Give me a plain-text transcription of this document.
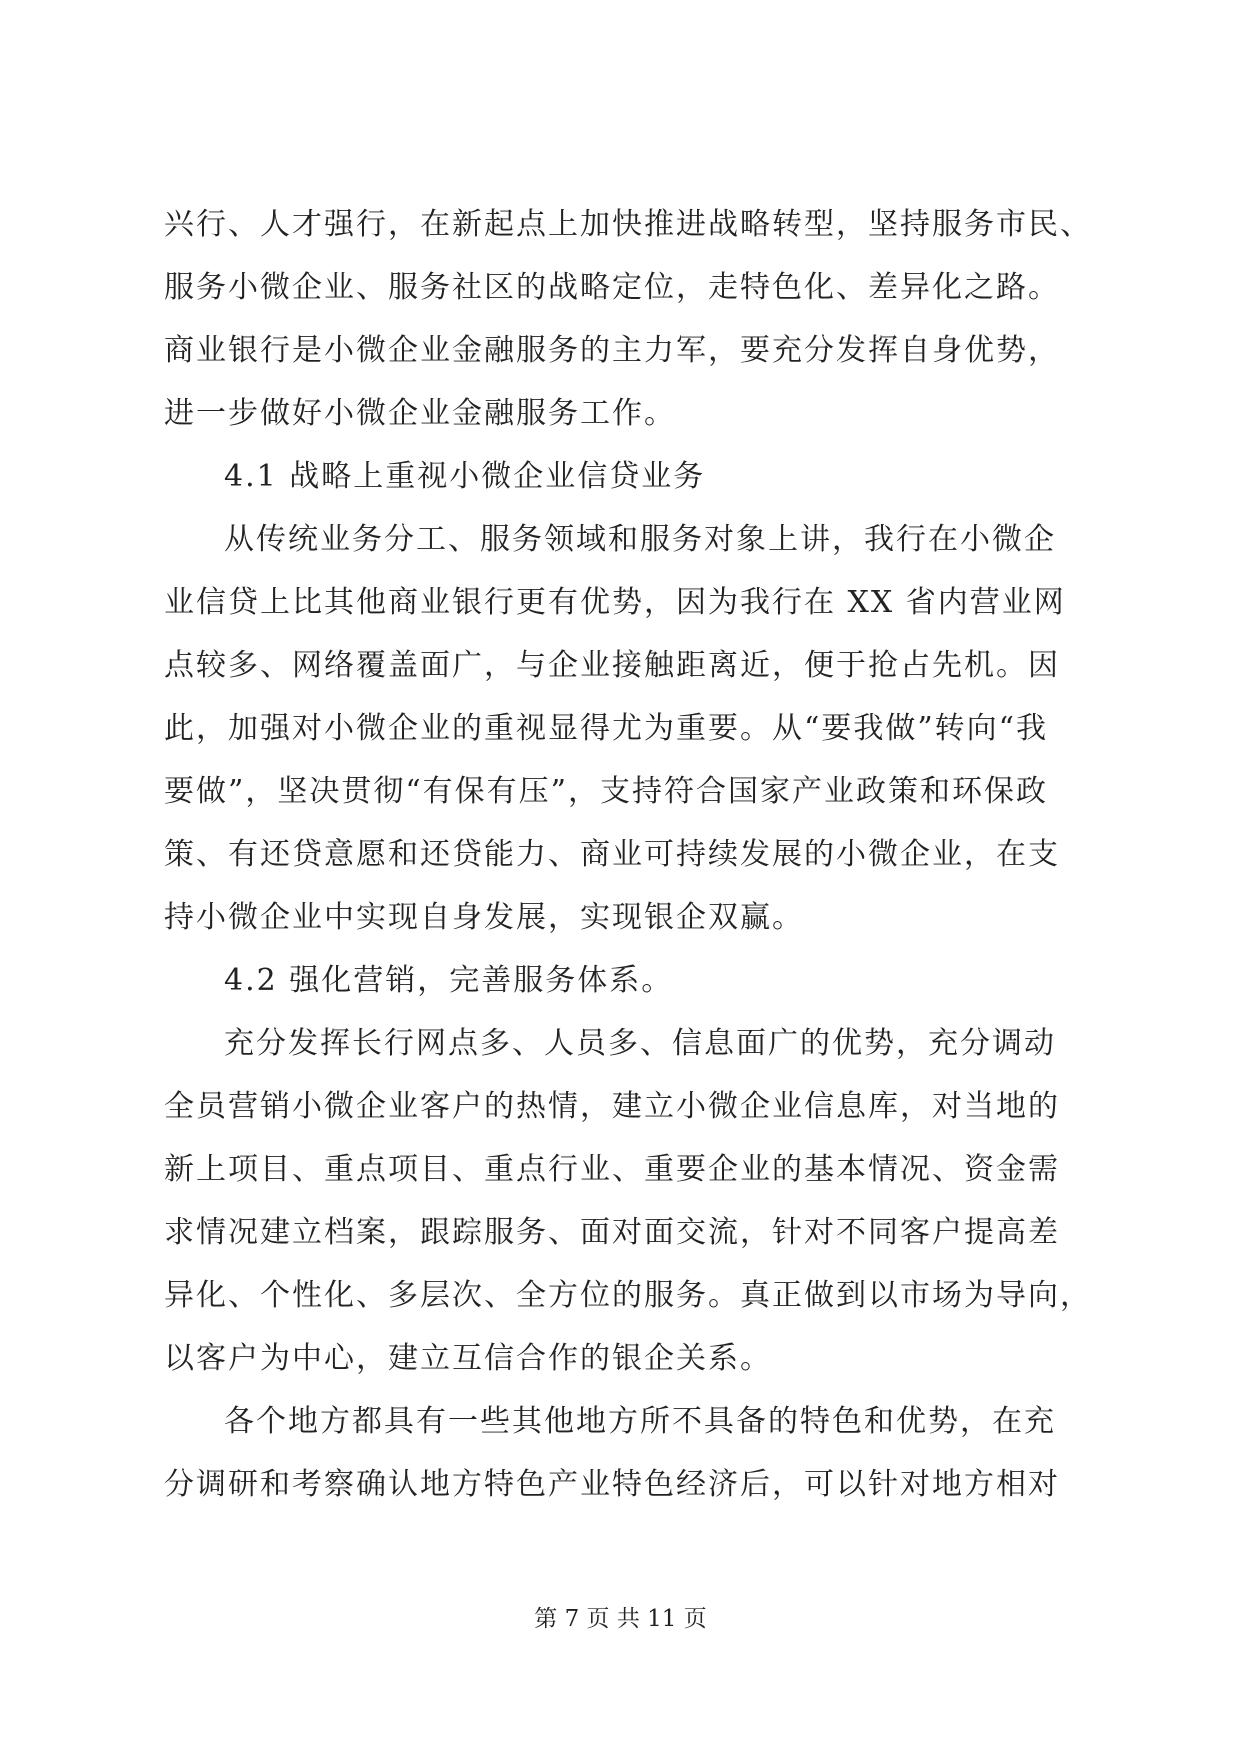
兴行、人才强行，在新起点上加快推进战略转型，坚持服务市民、
服务小微企业、服务社区的战略定位，走特色化、差异化之路。
商业银行是小微企业金融服务的主力军，要充分发挥自身优势，
进一步做好小微企业金融服务工作。
4.1 战略上重视小微企业信贷业务
从传统业务分工、服务领域和服务对象上讲，我行在小微企
业信贷上比其他商业银行更有优势，因为我行在 XX 省内营业网
点较多、网络覆盖面广，与企业接触距离近，便于抢占先机。因
此，加强对小微企业的重视显得尤为重要。从“要我做”转向“我
要做”，坚决贯彻“有保有压”，支持符合国家产业政策和环保政
策、有还贷意愿和还贷能力、商业可持续发展的小微企业，在支
持小微企业中实现自身发展，实现银企双赢。
4.2 强化营销，完善服务体系。
充分发挥长行网点多、人员多、信息面广的优势，充分调动
全员营销小微企业客户的热情，建立小微企业信息库，对当地的
新上项目、重点项目、重点行业、重要企业的基本情况、资金需
求情况建立档案，跟踪服务、面对面交流，针对不同客户提高差
异化、个性化、多层次、全方位的服务。真正做到以市场为导向，
以客户为中心，建立互信合作的银企关系。
各个地方都具有一些其他地方所不具备的特色和优势，在充
分调研和考察确认地方特色产业特色经济后，可以针对地方相对
第 7 页 共 11 页
